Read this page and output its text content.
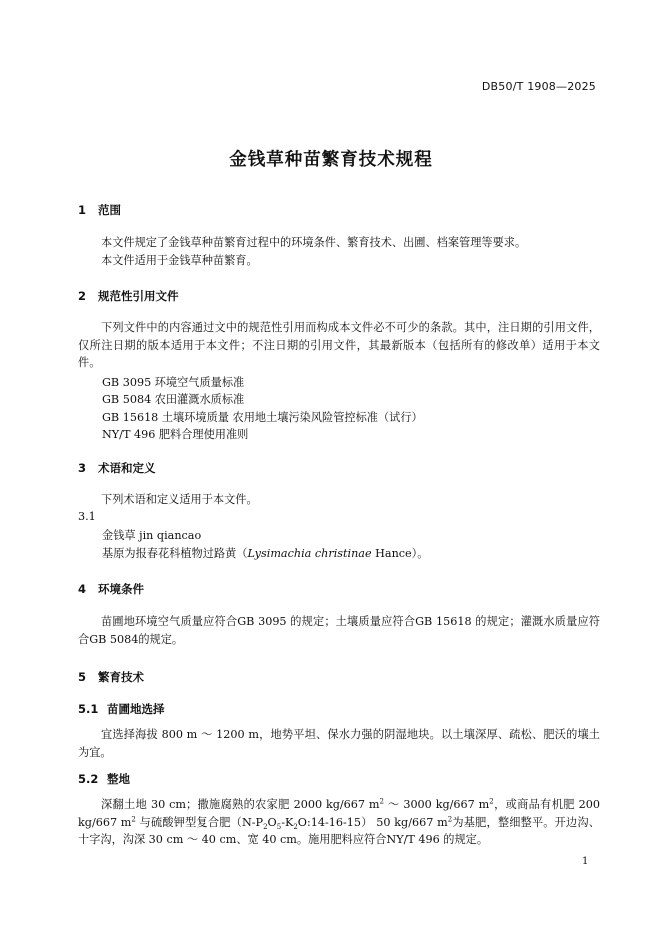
DB50/T 1908—2025
金钱草种苗繁育技术规程
1 范围
本文件规定了金钱草种苗繁育过程中的环境条件、繁育技术、出圃、档案管理等要求。
本文件适用于金钱草种苗繁育。
2 规范性引用文件
下列文件中的内容通过文中的规范性引用而构成本文件必不可少的条款。其中，注日期的引用文件，仅所注日期的版本适用于本文件；不注日期的引用文件，其最新版本（包括所有的修改单）适用于本文件。
GB 3095 环境空气质量标准
GB 5084 农田灌溉水质标准
GB 15618 土壤环境质量 农用地土壤污染风险管控标准（试行）
NY/T 496 肥料合理使用准则
3 术语和定义
下列术语和定义适用于本文件。
3.1
金钱草 jin qiancao
基原为报春花科植物过路黄（Lysimachia christinae Hance）。
4 环境条件
苗圃地环境空气质量应符合GB 3095 的规定；土壤质量应符合GB 15618 的规定；灌溉水质量应符合GB 5084的规定。
5 繁育技术
5.1 苗圃地选择
宜选择海拔 800 m ～ 1200 m，地势平坦、保水力强的阴湿地块。以土壤深厚、疏松、肥沃的壤土为宜。
5.2 整地
深翻土地 30 cm；撒施腐熟的农家肥 2000 kg/667 $m^2$ ～ 3000 kg/667 $m^2$，或商品有机肥 200 kg/667 $m^2$ 与硫酸钾型复合肥$(N-P_2O_5-K_2O:14-16-15)$ 50 kg/667 $m^2$为基肥，整细整平。开边沟、十字沟，沟深 30 cm ～ 40 cm、宽 40 cm。施用肥料应符合NY/T 496 的规定。
1
